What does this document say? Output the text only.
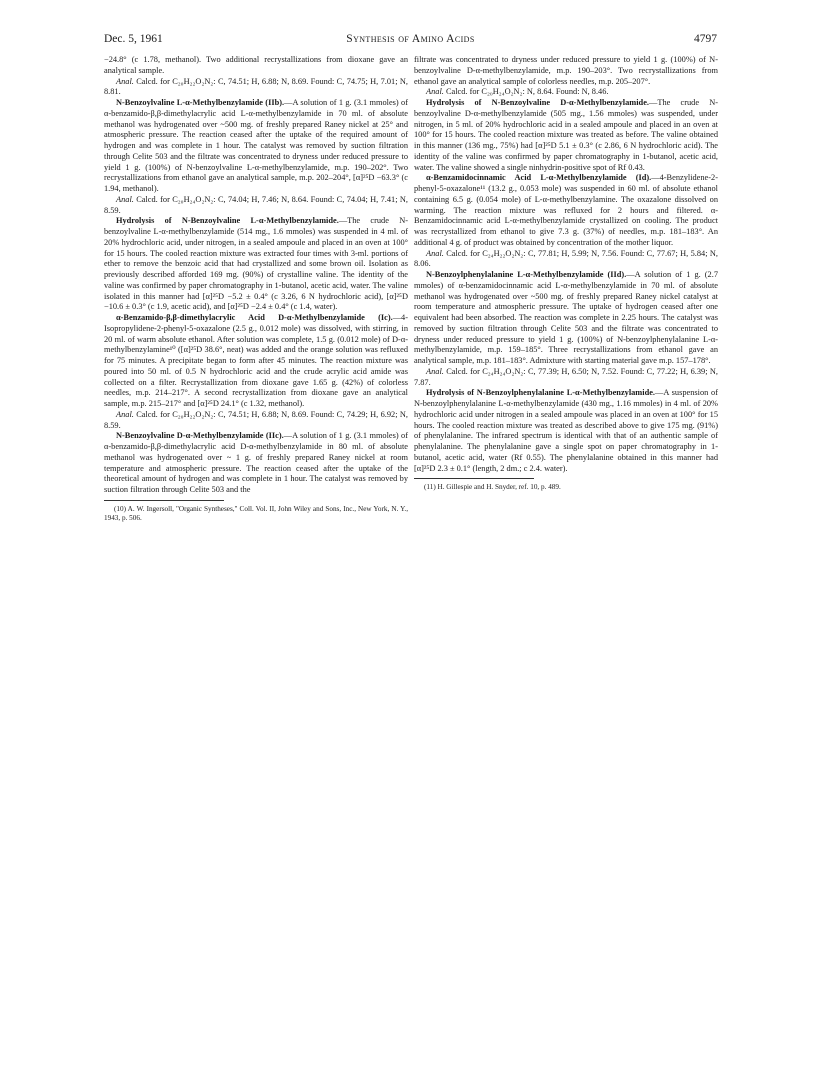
Dec. 5, 1961	Synthesis of Amino Acids	4797

−24.8° (c 1.78, methanol). Two additional recrystallizations from dioxane gave an analytical sample.

Anal. Calcd. for C₂₀H₂₂O₂N₂: C, 74.51; H, 6.88; N, 8.69. Found: C, 74.75; H, 7.01; N, 8.81.

N-Benzoylvaline L-α-Methylbenzylamide (IIb).—A solution of 1 g. (3.1 mmoles) of α-benzamido-β,β-dimethylacrylic acid L-α-methylbenzylamide in 70 ml. of absolute methanol was hydrogenated over ~500 mg. of freshly prepared Raney nickel at 25° and atmospheric pressure. The reaction ceased after the uptake of the required amount of hydrogen and was complete in 1 hour. The catalyst was removed by suction filtration through Celite 503 and the filtrate was concentrated to dryness under reduced pressure to yield 1 g. (100%) of N-benzoylvaline L-α-methylbenzylamide, m.p. 190–202°. Two recrystallizations from ethanol gave an analytical sample, m.p. 202–204°, [α]²⁵D −63.3° (c 1.94, methanol).

Anal. Calcd. for C₂₀H₂₄O₂N₂: C, 74.04; H, 7.46; N, 8.64. Found: C, 74.04; H, 7.41; N, 8.59.

Hydrolysis of N-Benzoylvaline L-α-Methylbenzylamide.—The crude N-benzoylvaline L-α-methylbenzylamide (514 mg., 1.6 mmoles) was suspended in 4 ml. of 20% hydrochloric acid, under nitrogen, in a sealed ampoule and placed in an oven at 100° for 15 hours. The cooled reaction mixture was extracted four times with 3-ml. portions of ether to remove the benzoic acid that had crystallized and some brown oil. Isolation as previously described afforded 169 mg. (90%) of crystalline valine. The identity of the valine was confirmed by paper chromatography in 1-butanol, acetic acid, water. The valine isolated in this manner had [α]²⁵D −5.2 ± 0.4° (c 3.26, 6 N hydrochloric acid), [α]²⁵D −10.6 ± 0.3° (c 1.9, acetic acid), and [α]²⁵D −2.4 ± 0.4° (c 1.4, water).

α-Benzamido-β,β-dimethylacrylic Acid D-α-Methylbenzylamide (Ic).—4-Isopropylidene-2-phenyl-5-oxazalone (2.5 g., 0.012 mole) was dissolved, with stirring, in 20 ml. of warm absolute ethanol. After solution was complete, 1.5 g. (0.012 mole) of D-α-methylbenzylamine¹⁰ ([α]²⁵D 38.6°, neat) was added and the orange solution was refluxed for 75 minutes. A precipitate began to form after 45 minutes. The reaction mixture was poured into 50 ml. of 0.5 N hydrochloric acid and the crude acrylic acid amide was collected on a filter. Recrystallization from dioxane gave 1.65 g. (42%) of colorless needles, m.p. 214–217°. A second recrystallization from dioxane gave an analytical sample, m.p. 215–217° and [α]²⁵D 24.1° (c 1.32, methanol).

Anal. Calcd. for C₂₀H₂₂O₂N₂: C, 74.51; H, 6.88; N, 8.69. Found: C, 74.29; H, 6.92; N, 8.59.

N-Benzoylvaline D-α-Methylbenzylamide (IIc).—A solution of 1 g. (3.1 mmoles) of α-benzamido-β,β-dimethylacrylic acid D-α-methylbenzylamide in 80 ml. of absolute methanol was hydrogenated over ~ 1 g. of freshly prepared Raney nickel at room temperature and atmospheric pressure. The reaction ceased after the uptake of the theoretical amount of hydrogen and was complete in 1 hour. The catalyst was removed by suction filtration through Celite 503 and the

(10) A. W. Ingersoll, "Organic Syntheses," Coll. Vol. II, John Wiley and Sons, Inc., New York, N. Y., 1943, p. 506.

filtrate was concentrated to dryness under reduced pressure to yield 1 g. (100%) of N-benzoylvaline D-α-methylbenzylamide, m.p. 190–203°. Two recrystallizations from ethanol gave an analytical sample of colorless needles, m.p. 205–207°.

Anal. Calcd. for C₂₀H₂₄O₂N₂: N, 8.64. Found: N, 8.46.

Hydrolysis of N-Benzoylvaline D-α-Methylbenzylamide.—The crude N-benzoylvaline D-α-methylbenzylamide (505 mg., 1.56 mmoles) was suspended, under nitrogen, in 5 ml. of 20% hydrochloric acid in a sealed ampoule and placed in an oven at 100° for 15 hours. The cooled reaction mixture was treated as before. The valine obtained in this manner (136 mg., 75%) had [α]²⁵D 5.1 ± 0.3° (c 2.86, 6 N hydrochloric acid). The identity of the valine was confirmed by paper chromatography in 1-butanol, acetic acid, water. The valine showed a single ninhydrin-positive spot of Rf 0.43.

α-Benzamidocinnamic Acid L-α-Methylbenzylamide (Id).—4-Benzylidene-2-phenyl-5-oxazalone¹¹ (13.2 g., 0.053 mole) was suspended in 60 ml. of absolute ethanol containing 6.5 g. (0.054 mole) of L-α-methylbenzylamine. The oxazalone dissolved on warming. The reaction mixture was refluxed for 2 hours and filtered. α-Benzamidocinnamic acid L-α-methylbenzylamide crystallized on cooling. The product was recrystallized from ethanol to give 7.3 g. (37%) of needles, m.p. 181–183°. An additional 4 g. of product was obtained by concentration of the mother liquor.

Anal. Calcd. for C₂₄H₂₂O₂N₂: C, 77.81; H, 5.99; N, 7.56. Found: C, 77.67; H, 5.84; N, 8.06.

N-Benzoylphenylalanine L-α-Methylbenzylamide (IId).—A solution of 1 g. (2.7 mmoles) of α-benzamidocinnamic acid L-α-methylbenzylamide in 70 ml. of absolute methanol was hydrogenated over ~500 mg. of freshly prepared Raney nickel catalyst at room temperature and atmospheric pressure. The uptake of hydrogen ceased after one equivalent had been absorbed. The reaction was complete in 2.25 hours. The catalyst was removed by suction filtration through Celite 503 and the filtrate was concentrated to dryness under reduced pressure to yield 1 g. (100%) of N-benzoylphenylalanine L-α-methylbenzylamide, m.p. 159–185°. Three recrystallizations from ethanol gave an analytical sample, m.p. 181–183°. Admixture with starting material gave m.p. 157–178°.

Anal. Calcd. for C₂₄H₂₄O₂N₂: C, 77.39; H, 6.50; N, 7.52. Found: C, 77.22; H, 6.39; N, 7.87.

Hydrolysis of N-Benzoylphenylalanine L-α-Methylbenzylamide.—A suspension of N-benzoylphenylalanine L-α-methylbenzylamide (430 mg., 1.16 mmoles) in 4 ml. of 20% hydrochloric acid under nitrogen in a sealed ampoule was placed in an oven at 100° for 15 hours. The cooled reaction mixture was treated as described above to give 175 mg. (91%) of phenylalanine. The infrared spectrum is identical with that of an authentic sample of phenylalanine. The phenylalanine gave a single spot on paper chromatography in 1-butanol, acetic acid, water (Rf 0.55). The phenylalanine obtained in this manner had [α]²⁵D 2.3 ± 0.1° (length, 2 dm.; c 2.4. water).

(11) H. Gillespie and H. Snyder, ref. 10, p. 489.
